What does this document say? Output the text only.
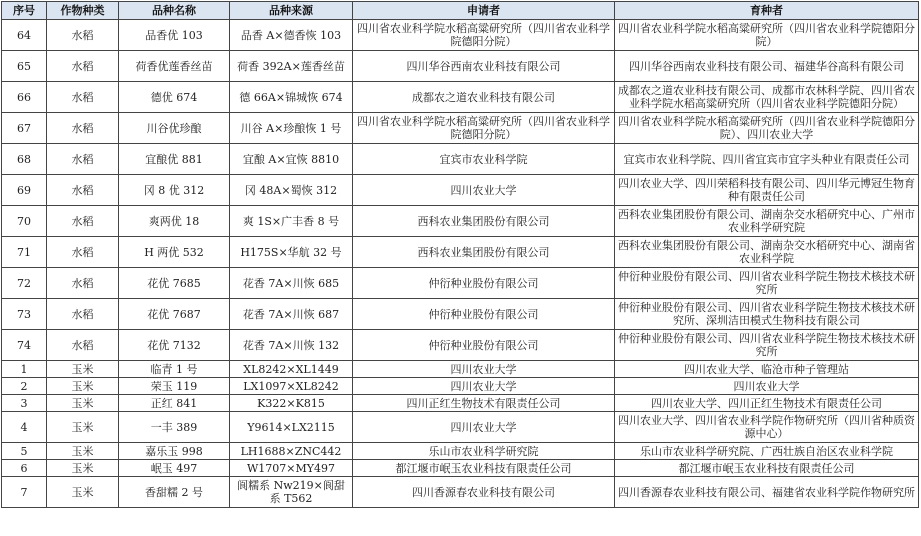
序号	作物种类	品种名称	品种来源	申请者	育种者
64	水稻	品香优 103	品香 A×德香恢 103	四川省农业科学院水稻高粱研究所（四川省农业科学院德阳分院）	四川省农业科学院水稻高粱研究所（四川省农业科学院德阳分院）
65	水稻	荷香优莲香丝苗	荷香 392A×莲香丝苗	四川华谷西南农业科技有限公司	四川华谷西南农业科技有限公司、福建华谷高科有限公司
66	水稻	德优 674	德 66A×锦城恢 674	成都农之道农业科技有限公司	成都农之道农业科技有限公司、成都市农林科学院、四川省农业科学院水稻高粱研究所（四川省农业科学院德阳分院）
67	水稻	川谷优珍酿	川谷 A×珍酿恢 1 号	四川省农业科学院水稻高粱研究所（四川省农业科学院德阳分院）	四川省农业科学院水稻高粱研究所（四川省农业科学院德阳分院）、四川农业大学
68	水稻	宜酿优 881	宜酿 A×宜恢 8810	宜宾市农业科学院	宜宾市农业科学院、四川省宜宾市宜字头种业有限责任公司
69	水稻	冈 8 优 312	冈 48A×蜀恢 312	四川农业大学	四川农业大学、四川荣稻科技有限公司、四川华元博冠生物育种有限责任公司
70	水稻	爽两优 18	爽 1S×广丰香 8 号	西科农业集团股份有限公司	西科农业集团股份有限公司、湖南杂交水稻研究中心、广州市农业科学研究院
71	水稻	H 两优 532	H175S×华航 32 号	西科农业集团股份有限公司	西科农业集团股份有限公司、湖南杂交水稻研究中心、湖南省农业科学院
72	水稻	花优 7685	花香 7A×川恢 685	仲衍种业股份有限公司	仲衍种业股份有限公司、四川省农业科学院生物技术核技术研究所
73	水稻	花优 7687	花香 7A×川恢 687	仲衍种业股份有限公司	仲衍种业股份有限公司、四川省农业科学院生物技术核技术研究所、深圳洁田模式生物科技有限公司
74	水稻	花优 7132	花香 7A×川恢 132	仲衍种业股份有限公司	仲衍种业股份有限公司、四川省农业科学院生物技术核技术研究所
1	玉米	临青 1 号	XL8242×XL1449	四川农业大学	四川农业大学、临沧市种子管理站
2	玉米	荣玉 119	LX1097×XL8242	四川农业大学	四川农业大学
3	玉米	正红 841	K322×K815	四川正红生物技术有限责任公司	四川农业大学、四川正红生物技术有限责任公司
4	玉米	一丰 389	Y9614×LX2115	四川农业大学	四川农业大学、四川省农业科学院作物研究所（四川省种质资源中心）
5	玉米	嘉乐玉 998	LH1688×ZNC442	乐山市农业科学研究院	乐山市农业科学研究院、广西壮族自治区农业科学院
6	玉米	岷玉 497	W1707×MY497	都江堰市岷玉农业科技有限责任公司	都江堰市岷玉农业科技有限责任公司
7	玉米	香甜糯 2 号	阆糯系 Nw219×阆甜系 T562	四川香源春农业科技有限公司	四川香源春农业科技有限公司、福建省农业科学院作物研究所
